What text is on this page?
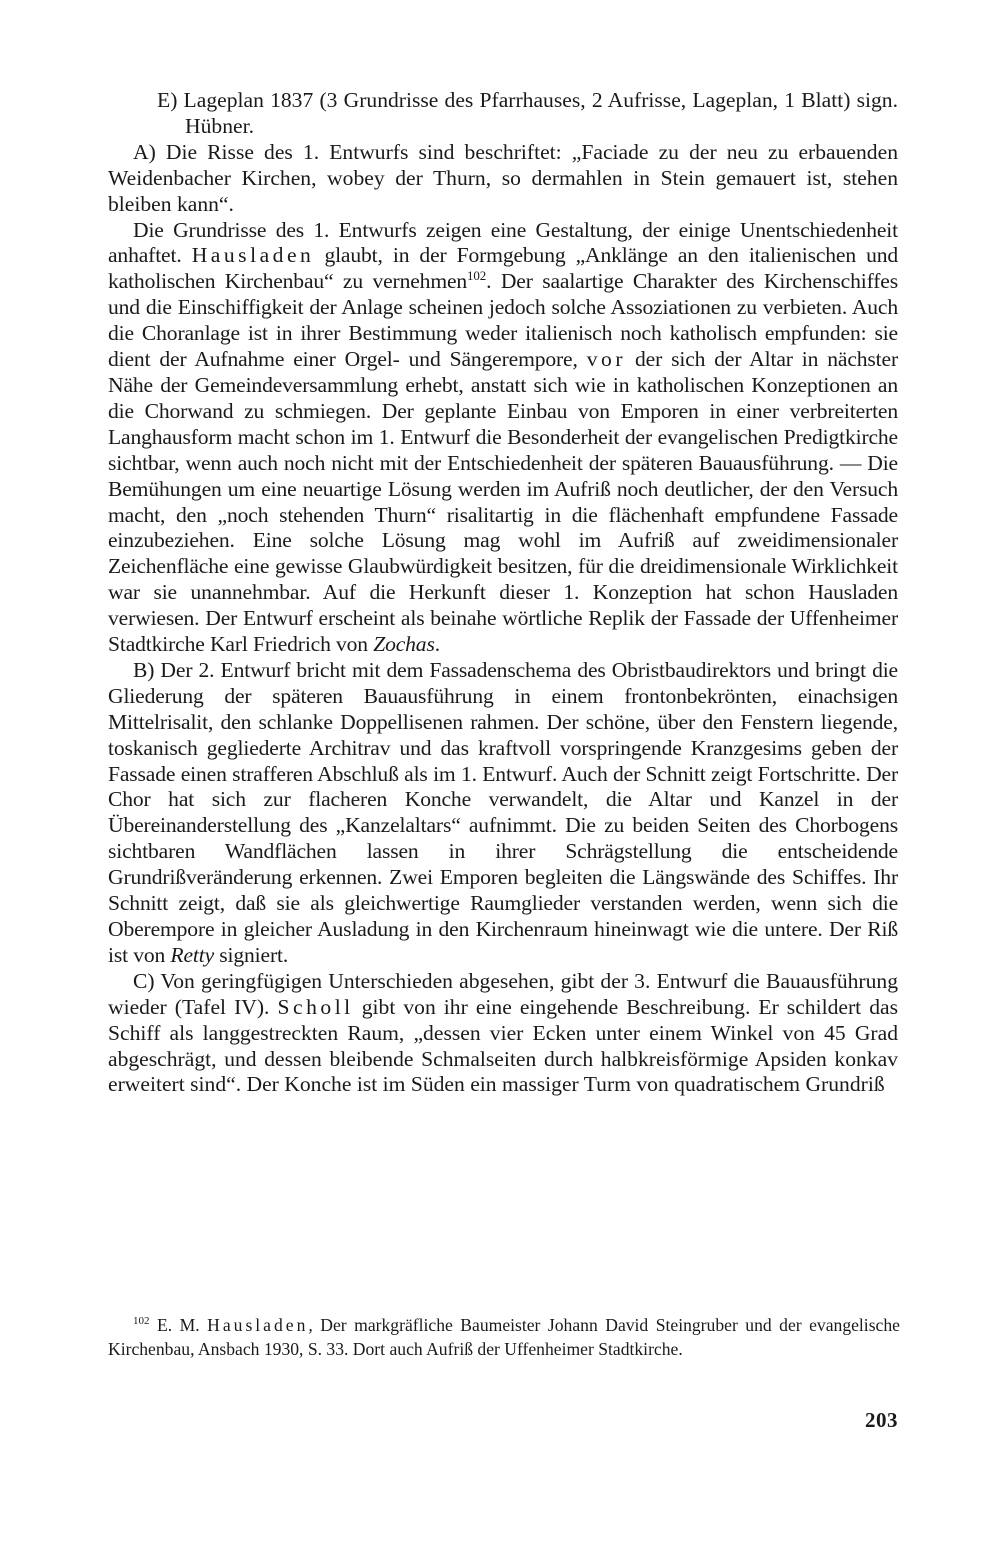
E) Lageplan 1837 (3 Grundrisse des Pfarrhauses, 2 Aufrisse, Lageplan, 1 Blatt) sign. Hübner.

A) Die Risse des 1. Entwurfs sind beschriftet: „Faciade zu der neu zu erbauenden Weidenbacher Kirchen, wobey der Thurn, so dermahlen in Stein gemauert ist, stehen bleiben kann“.

Die Grundrisse des 1. Entwurfs zeigen eine Gestaltung, der einige Unentschiedenheit anhaftet. Hausladen glaubt, in der Formgebung „Anklänge an den italienischen und katholischen Kirchenbau“ zu vernehmen$^{102}$. Der saalartige Charakter des Kirchenschiffes und die Einschiffigkeit der Anlage scheinen jedoch solche Assoziationen zu verbieten. Auch die Choranlage ist in ihrer Bestimmung weder italienisch noch katholisch empfunden: sie dient der Aufnahme einer Orgel- und Sängerempore, vor der sich der Altar in nächster Nähe der Gemeindeversammlung erhebt, anstatt sich wie in katholischen Konzeptionen an die Chorwand zu schmiegen. Der geplante Einbau von Emporen in einer verbreiterten Langhausform macht schon im 1. Entwurf die Besonderheit der evangelischen Predigtkirche sichtbar, wenn auch noch nicht mit der Entschiedenheit der späteren Bauausführung. — Die Bemühungen um eine neuartige Lösung werden im Aufriß noch deutlicher, der den Versuch macht, den „noch stehenden Thurn“ risalitartig in die flächenhaft empfundene Fassade einzubeziehen. Eine solche Lösung mag wohl im Aufriß auf zweidimensionaler Zeichenfläche eine gewisse Glaubwürdigkeit besitzen, für die dreidimensionale Wirklichkeit war sie unannehmbar. Auf die Herkunft dieser 1. Konzeption hat schon Hausladen verwiesen. Der Entwurf erscheint als beinahe wörtliche Replik der Fassade der Uffenheimer Stadtkirche Karl Friedrich von Zochas.

B) Der 2. Entwurf bricht mit dem Fassadenschema des Obristbaudirektors und bringt die Gliederung der späteren Bauausführung in einem frontonbekrönten, einachsigen Mittelrisalit, den schlanke Doppellisenen rahmen. Der schöne, über den Fenstern liegende, toskanisch gegliederte Architrav und das kraftvoll vorspringende Kranzgesims geben der Fassade einen strafferen Abschluß als im 1. Entwurf. Auch der Schnitt zeigt Fortschritte. Der Chor hat sich zur flacheren Konche verwandelt, die Altar und Kanzel in der Übereinanderstellung des „Kanzelaltars“ aufnimmt. Die zu beiden Seiten des Chorbogens sichtbaren Wandflächen lassen in ihrer Schrägstellung die entscheidende Grundrißveränderung erkennen. Zwei Emporen begleiten die Längswände des Schiffes. Ihr Schnitt zeigt, daß sie als gleichwertige Raumglieder verstanden werden, wenn sich die Oberempore in gleicher Ausladung in den Kirchenraum hineinwagt wie die untere. Der Riß ist von Retty signiert.

C) Von geringfügigen Unterschieden abgesehen, gibt der 3. Entwurf die Bauausführung wieder (Tafel IV). Scholl gibt von ihr eine eingehende Beschreibung. Er schildert das Schiff als langgestreckten Raum, „dessen vier Ecken unter einem Winkel von 45 Grad abgeschrägt, und dessen bleibende Schmalseiten durch halbkreisförmige Apsiden konkav erweitert sind“. Der Konche ist im Süden ein massiger Turm von quadratischem Grundriß

$^{102}$ E. M. Hausladen, Der markgräfliche Baumeister Johann David Steingruber und der evangelische Kirchenbau, Ansbach 1930, S. 33. Dort auch Aufriß der Uffenheimer Stadtkirche.

203
